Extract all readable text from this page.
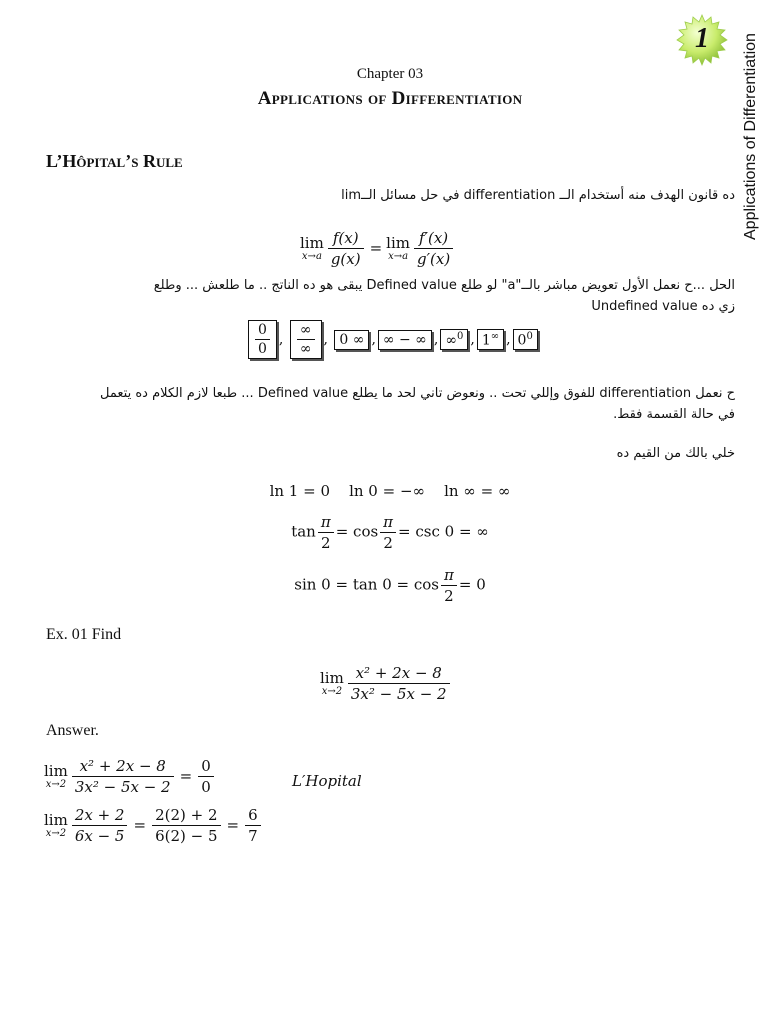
1	Applications of Differentiation
Chapter 03
Applications of Differentiation
L’Hôpital’s Rule
ده قانون الهدف منه أستخدام الــ differentiation في حل مسائل الــlim
lim
$x\to a \frac{f(x)}{g(x)} = \lim$
$x\to a \frac{f'(x)}{g'(x)}$
الحل ...ح نعمل الأول تعويض مباشر بالــ"a" لو طلع Defined value يبقى هو ده الناتج .. ما طلعش ... وطلع
زي ده Undefined value
$\frac{0}{0}$ , $\frac{\infty}{\infty}$ , 0 ∞ , ∞ − ∞ , ∞$^0$ , 1∞ , $0^0$
ح نعمل differentiation للفوق وإللي تحت .. ونعوض تاني لحد ما يطلع Defined value ... طبعا لازم الكلام ده يتعمل
في حالة القسمة فقط.
خلي بالك من القيم ده
ln 1 = 0    ln 0 = −∞    ln ∞ = ∞
$\tan \frac{\pi}{2} = \cos \frac{\pi}{2} = \csc 0$ = ∞
$\sin 0 = \tan 0 = \cos \frac{\pi}{2} = 0$
Ex. 01 Find
lim
$x\to 2 \frac{\text{x² + 2x − 8}}{\text{3x² − 5x − 2}}$
Answer.
lim
$x\to 2 \frac{\text{x² + 2x − 8}}{\text{3x² − 5x − 2}} = \frac{0}{0}$	L′Hopital
lim
$x\to 2 \frac{2x + 2}{6x - 5} = \frac{2(2) + 2}{6(2) - 5} = \frac{6}{7}$
